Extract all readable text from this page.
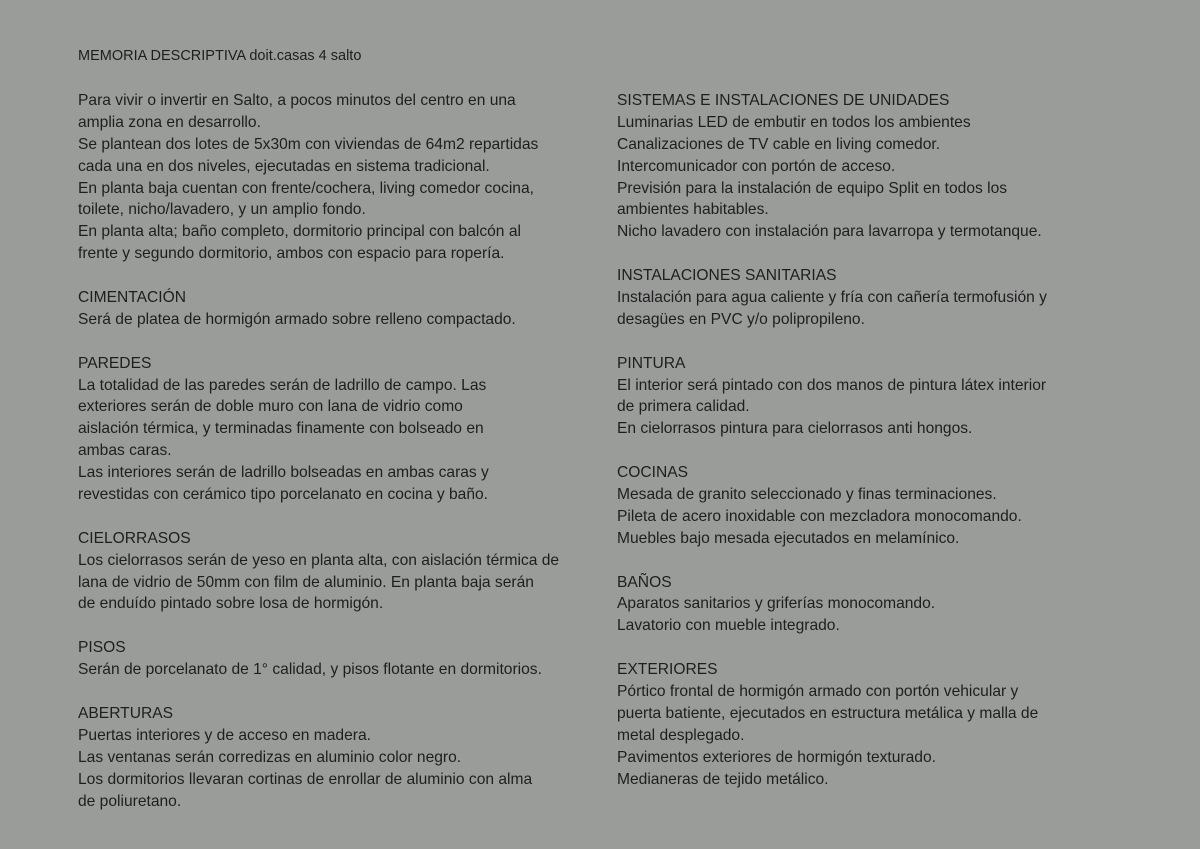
MEMORIA DESCRIPTIVA doit.casas 4 salto
Para vivir o invertir en Salto, a pocos minutos del centro en una
amplia zona en desarrollo.
Se plantean dos lotes de 5x30m con viviendas de 64m2 repartidas
cada una en dos niveles, ejecutadas en sistema tradicional.
En planta baja cuentan con frente/cochera, living comedor cocina,
toilete, nicho/lavadero, y un amplio fondo.
En planta alta; baño completo, dormitorio principal con balcón al
frente y segundo dormitorio, ambos con espacio para ropería.
CIMENTACIÓN
Será de platea de hormigón armado sobre relleno compactado.
PAREDES
La totalidad de las paredes serán de ladrillo de campo. Las
exteriores serán de doble muro con lana de vidrio como
aislación térmica, y terminadas finamente con bolseado en
ambas caras.
Las interiores serán de ladrillo bolseadas en ambas caras y
revestidas con cerámico tipo porcelanato en cocina y baño.
CIELORRASOS
Los cielorrasos serán de yeso en planta alta, con aislación térmica de
lana de vidrio de 50mm con film de aluminio. En planta baja serán
de enduído pintado sobre losa de hormigón.
PISOS
Serán de porcelanato de 1° calidad, y pisos flotante en dormitorios.
ABERTURAS
Puertas interiores y de acceso en madera.
Las ventanas serán corredizas en aluminio color negro.
Los dormitorios llevaran cortinas de enrollar de aluminio con alma
de poliuretano.
SISTEMAS E INSTALACIONES DE UNIDADES
Luminarias LED de embutir en todos los ambientes
Canalizaciones de TV cable en living comedor.
Intercomunicador con portón de acceso.
Previsión para la instalación de equipo Split en todos los
ambientes habitables.
Nicho lavadero con instalación para lavarropa y termotanque.
INSTALACIONES SANITARIAS
Instalación para agua caliente y fría con cañería termofusión y
desagües en PVC y/o polipropileno.
PINTURA
El interior será pintado con dos manos de pintura látex interior
de primera calidad.
En cielorrasos pintura para cielorrasos anti hongos.
COCINAS
Mesada de granito seleccionado y finas terminaciones.
Pileta de acero inoxidable con mezcladora monocomando.
Muebles bajo mesada ejecutados en melamínico.
BAÑOS
Aparatos sanitarios y griferías monocomando.
Lavatorio con mueble integrado.
EXTERIORES
Pórtico frontal de hormigón armado con portón vehicular y
puerta batiente, ejecutados en estructura metálica y malla de
metal desplegado.
Pavimentos exteriores de hormigón texturado.
Medianeras de tejido metálico.
